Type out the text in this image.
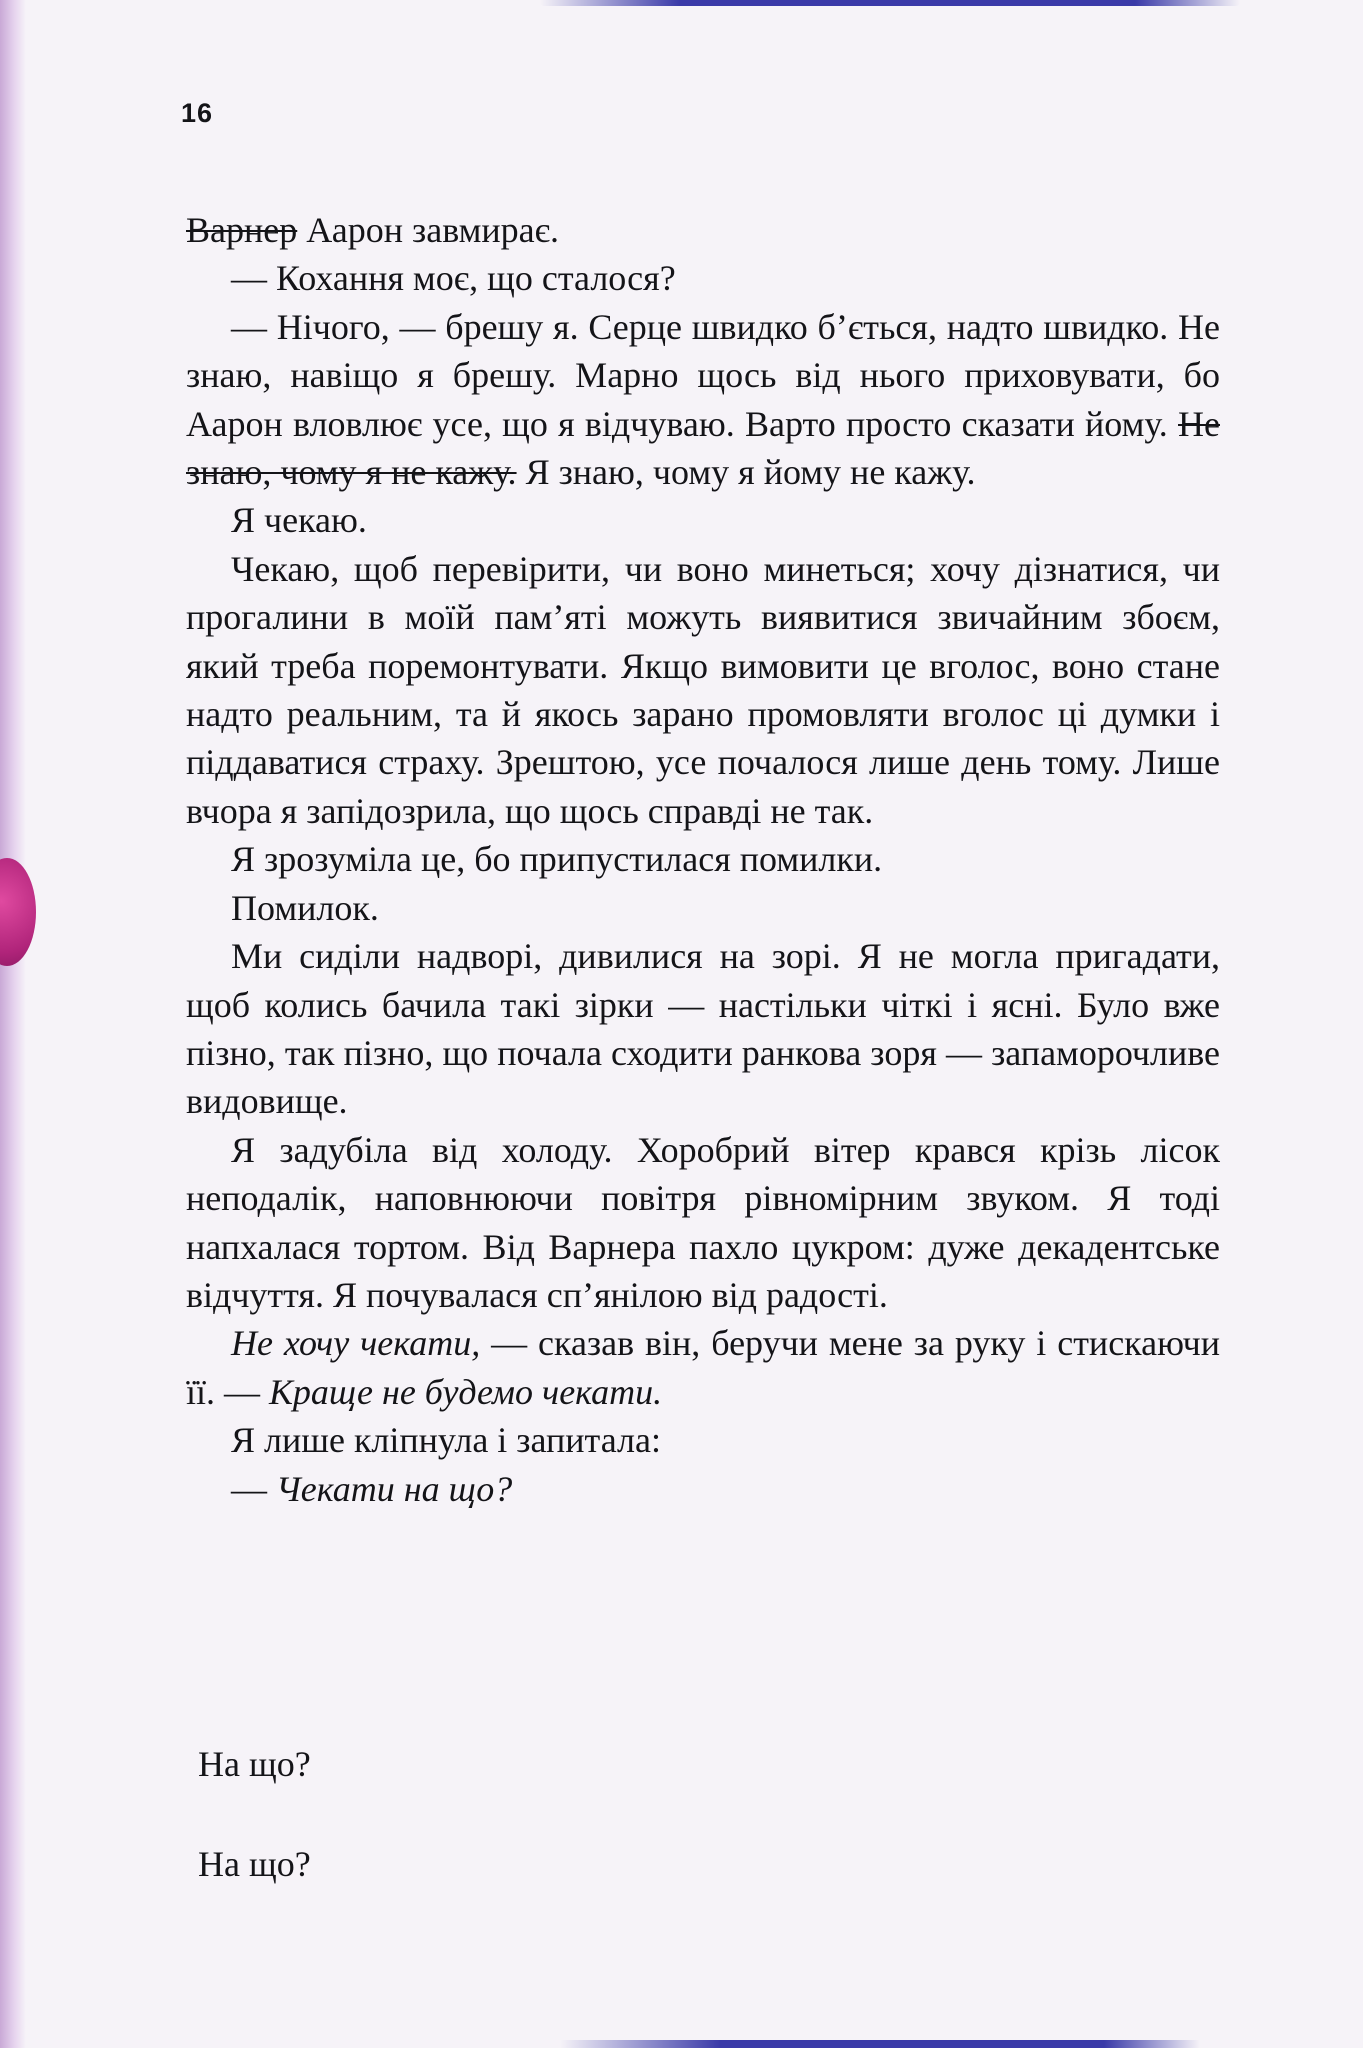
16

Варнер Аарон завмирає.

— Кохання моє, що сталося?

— Нічого, — брешу я. Серце швидко б’ється, надто швидко. Не знаю, навіщо я брешу. Марно щось від нього приховувати, бо Аарон вловлює усе, що я відчуваю. Варто просто сказати йому. Не знаю, чому я не кажу. Я знаю, чому я йому не кажу.

Я чекаю.

Чекаю, щоб перевірити, чи воно минеться; хочу дізнатися, чи прогалини в моїй пам’яті можуть виявитися звичайним збоєм, який треба поремонтувати. Якщо вимовити це вголос, воно стане надто реальним, та й якось зарано промовляти вголос ці думки і піддаватися страху. Зрештою, усе почалося лише день тому. Лише вчора я запідозрила, що щось справді не так.

Я зрозуміла це, бо припустилася помилки.

Помилок.

Ми сиділи надворі, дивилися на зорі. Я не могла пригадати, щоб колись бачила такі зірки — настільки чіткі і ясні. Було вже пізно, так пізно, що почала сходити ранкова зоря — запаморочливе видовище.

Я задубіла від холоду. Хоробрий вітер крався крізь лісок неподалік, наповнюючи повітря рівномірним звуком. Я тоді напхалася тортом. Від Варнера пахло цукром: дуже декадентське відчуття. Я почувалася сп’янілою від радості.

Не хочу чекати, — сказав він, беручи мене за руку і стискаючи її. — Краще не будемо чекати.

Я лише кліпнула і запитала:

— Чекати на що?

На що?
На що?
